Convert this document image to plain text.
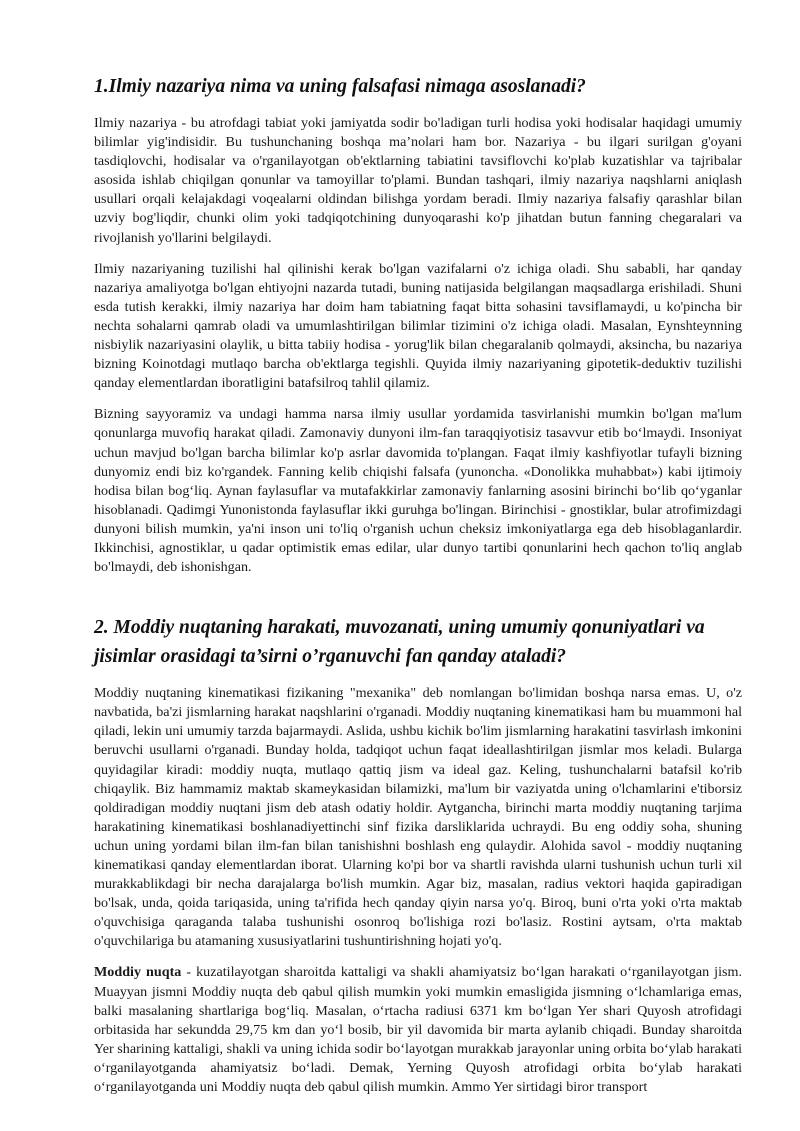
1.Ilmiy nazariya nima va uning falsafasi nimaga asoslanadi?

Ilmiy nazariya - bu atrofdagi tabiat yoki jamiyatda sodir bo'ladigan turli hodisa yoki hodisalar haqidagi umumiy bilimlar yig'indisidir. Bu tushunchaning boshqa ma’nolari ham bor. Nazariya - bu ilgari surilgan g'oyani tasdiqlovchi, hodisalar va o'rganilayotgan ob'ektlarning tabiatini tavsiflovchi ko'plab kuzatishlar va tajribalar asosida ishlab chiqilgan qonunlar va tamoyillar to'plami. Bundan tashqari, ilmiy nazariya naqshlarni aniqlash usullari orqali kelajakdagi voqealarni oldindan bilishga yordam beradi. Ilmiy nazariya falsafiy qarashlar bilan uzviy bog'liqdir, chunki olim yoki tadqiqotchining dunyoqarashi ko'p jihatdan butun fanning chegaralari va rivojlanish yo'llarini belgilaydi.

Ilmiy nazariyaning tuzilishi hal qilinishi kerak bo'lgan vazifalarni o'z ichiga oladi. Shu sababli, har qanday nazariya amaliyotga bo'lgan ehtiyojni nazarda tutadi, buning natijasida belgilangan maqsadlarga erishiladi. Shuni esda tutish kerakki, ilmiy nazariya har doim ham tabiatning faqat bitta sohasini tavsiflamaydi, u ko'pincha bir nechta sohalarni qamrab oladi va umumlashtirilgan bilimlar tizimini o'z ichiga oladi. Masalan, Eynshteynning nisbiylik nazariyasini olaylik, u bitta tabiiy hodisa - yorug'lik bilan chegaralanib qolmaydi, aksincha, bu nazariya bizning Koinotdagi mutlaqo barcha ob'ektlarga tegishli. Quyida ilmiy nazariyaning gipotetik-deduktiv tuzilishi qanday elementlardan iboratligini batafsilroq tahlil qilamiz.

Bizning sayyoramiz va undagi hamma narsa ilmiy usullar yordamida tasvirlanishi mumkin bo'lgan ma'lum qonunlarga muvofiq harakat qiladi. Zamonaviy dunyoni ilm-fan taraqqiyotisiz tasavvur etib bo‘lmaydi. Insoniyat uchun mavjud bo'lgan barcha bilimlar ko'p asrlar davomida to'plangan. Faqat ilmiy kashfiyotlar tufayli bizning dunyomiz endi biz ko'rgandek. Fanning kelib chiqishi falsafa (yunoncha. «Donolikka muhabbat») kabi ijtimoiy hodisa bilan bog‘liq. Aynan faylasuflar va mutafakkirlar zamonaviy fanlarning asosini birinchi bo‘lib qo‘yganlar hisoblanadi. Qadimgi Yunonistonda faylasuflar ikki guruhga bo'lingan. Birinchisi - gnostiklar, bular atrofimizdagi dunyoni bilish mumkin, ya'ni inson uni to'liq o'rganish uchun cheksiz imkoniyatlarga ega deb hisoblaganlardir. Ikkinchisi, agnostiklar, u qadar optimistik emas edilar, ular dunyo tartibi qonunlarini hech qachon to'liq anglab bo'lmaydi, deb ishonishgan.

2. Moddiy nuqtaning harakati, muvozanati, uning umumiy qonuniyatlari va jisimlar orasidagi ta’sirni o’rganuvchi fan qanday ataladi?

Moddiy nuqtaning kinematikasi fizikaning "mexanika" deb nomlangan bo'limidan boshqa narsa emas. U, o'z navbatida, ba'zi jismlarning harakat naqshlarini o'rganadi. Moddiy nuqtaning kinematikasi ham bu muammoni hal qiladi, lekin uni umumiy tarzda bajarmaydi. Aslida, ushbu kichik bo'lim jismlarning harakatini tasvirlash imkonini beruvchi usullarni o'rganadi. Bunday holda, tadqiqot uchun faqat ideallashtirilgan jismlar mos keladi. Bularga quyidagilar kiradi: moddiy nuqta, mutlaqo qattiq jism va ideal gaz. Keling, tushunchalarni batafsil ko'rib chiqaylik. Biz hammamiz maktab skameykasidan bilamizki, ma'lum bir vaziyatda uning o'lchamlarini e'tiborsiz qoldiradigan moddiy nuqtani jism deb atash odatiy holdir. Aytgancha, birinchi marta moddiy nuqtaning tarjima harakatining kinematikasi boshlanadiyettinchi sinf fizika darsliklarida uchraydi. Bu eng oddiy soha, shuning uchun uning yordami bilan ilm-fan bilan tanishishni boshlash eng qulaydir. Alohida savol - moddiy nuqtaning kinematikasi qanday elementlardan iborat. Ularning ko'pi bor va shartli ravishda ularni tushunish uchun turli xil murakkablikdagi bir necha darajalarga bo'lish mumkin. Agar biz, masalan, radius vektori haqida gapiradigan bo'lsak, unda, qoida tariqasida, uning ta'rifida hech qanday qiyin narsa yo'q. Biroq, buni o'rta yoki o'rta maktab o'quvchisiga qaraganda talaba tushunishi osonroq bo'lishiga rozi bo'lasiz. Rostini aytsam, o'rta maktab o'quvchilariga bu atamaning xususiyatlarini tushuntirishning hojati yo'q.

Moddiy nuqta - kuzatilayotgan sharoitda kattaligi va shakli ahamiyatsiz bo‘lgan harakati o‘rganilayotgan jism. Muayyan jismni Moddiy nuqta deb qabul qilish mumkin yoki mumkin emasligida jismning o‘lchamlariga emas, balki masalaning shartlariga bog‘liq. Masalan, o‘rtacha radiusi 6371 km bo‘lgan Yer shari Quyosh atrofidagi orbitasida har sekundda 29,75 km dan yo‘l bosib, bir yil davomida bir marta aylanib chiqadi. Bunday sharoitda Yer sharining kattaligi, shakli va uning ichida sodir bo‘layotgan murakkab jarayonlar uning orbita bo‘ylab harakati o‘rganilayotganda ahamiyatsiz bo‘ladi. Demak, Yerning Quyosh atrofidagi orbita bo‘ylab harakati o‘rganilayotganda uni Moddiy nuqta deb qabul qilish mumkin. Ammo Yer sirtidagi biror transport
